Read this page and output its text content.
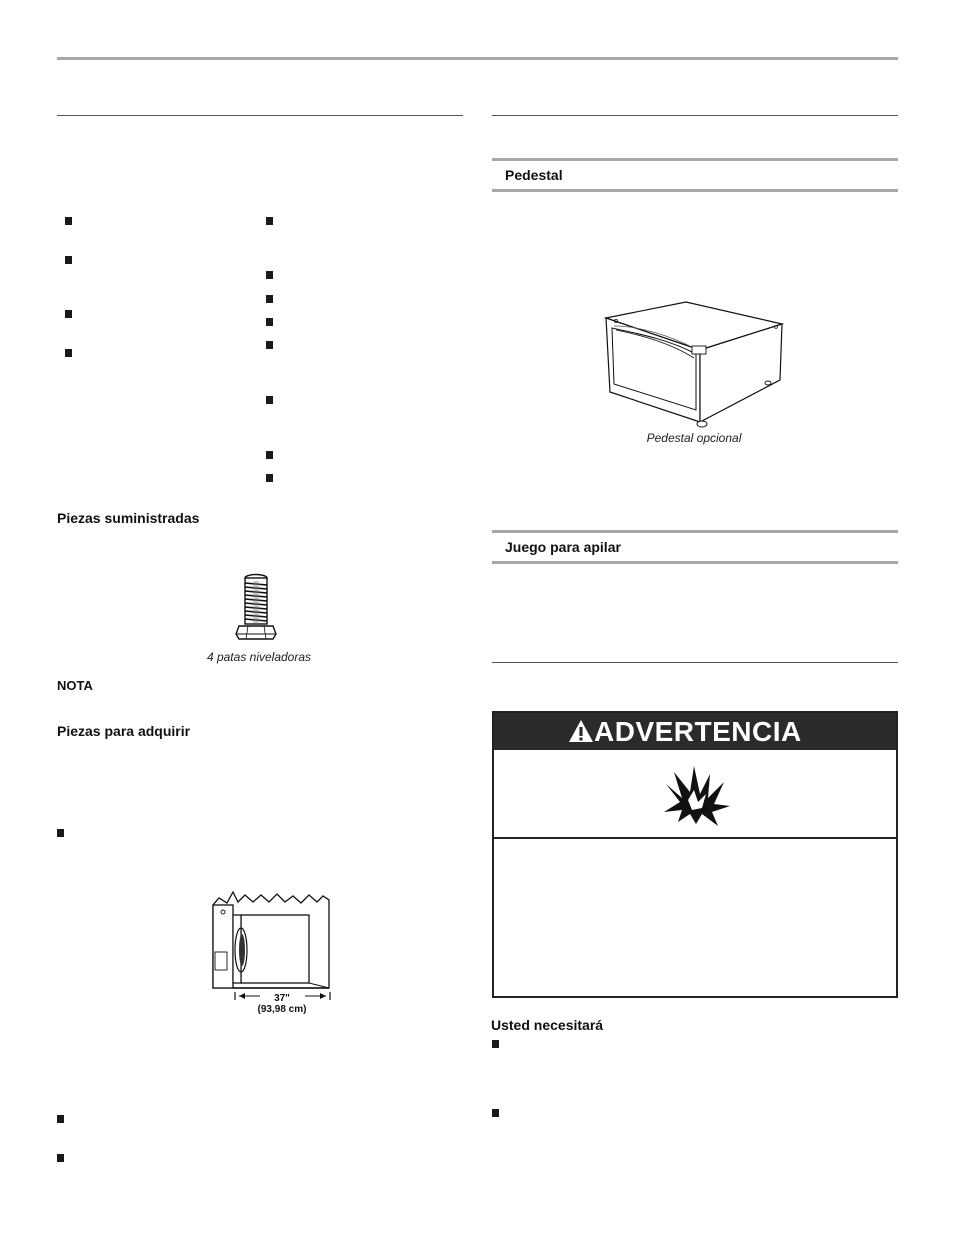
Piezas suministradas
4 patas niveladoras
NOTA
Piezas para adquirir
37"
(93,98 cm)
Pedestal
Pedestal opcional
Juego para apilar
ADVERTENCIA
Usted necesitará
